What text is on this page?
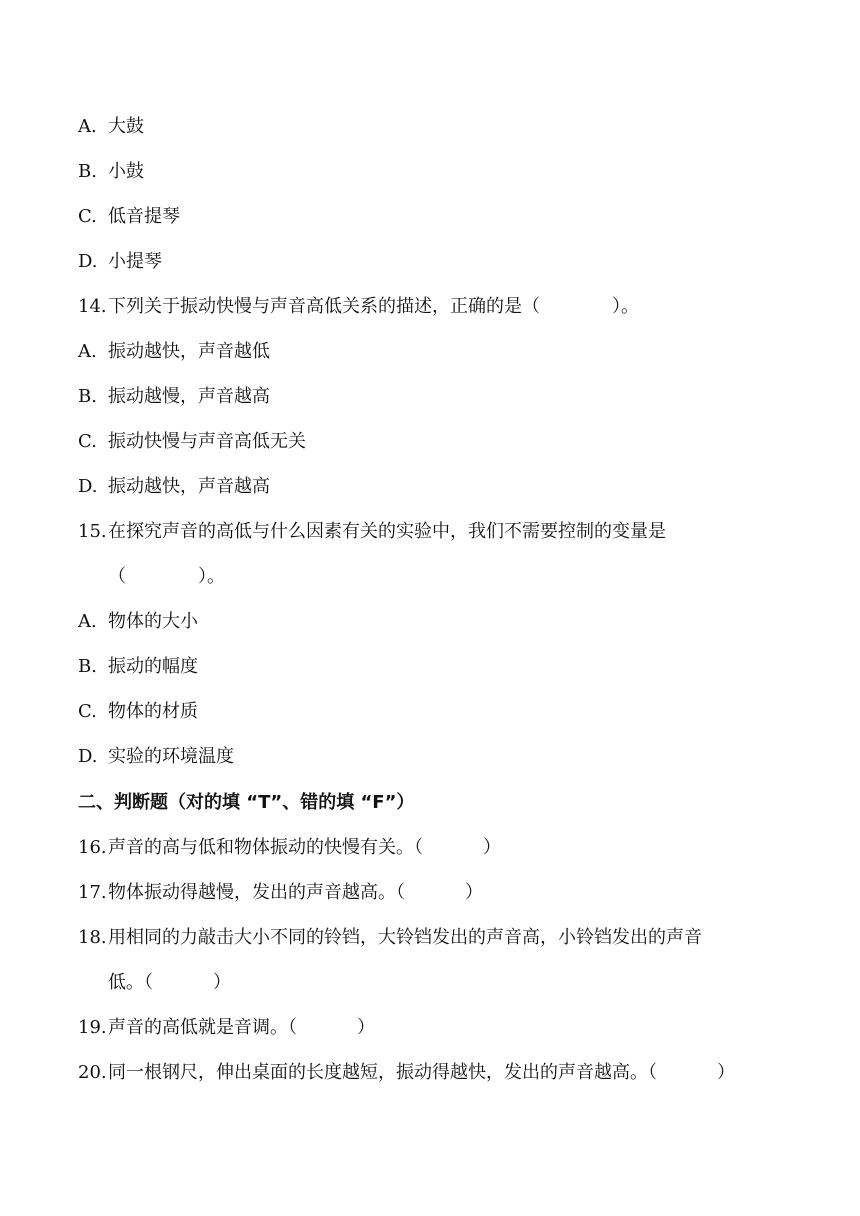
A. 大鼓
B. 小鼓
C. 低音提琴
D. 小提琴
14.下列关于振动快慢与声音高低关系的描述，正确的是（	）。
A. 振动越快，声音越低
B. 振动越慢，声音越高
C. 振动快慢与声音高低无关
D. 振动越快，声音越高
15.在探究声音的高低与什么因素有关的实验中，我们不需要控制的变量是
（	）。
A. 物体的大小
B. 振动的幅度
C. 物体的材质
D. 实验的环境温度
二、判断题（对的填 “T”、错的填 “F”）
16.声音的高与低和物体振动的快慢有关。（	）
17.物体振动得越慢，发出的声音越高。（	）
18.用相同的力敲击大小不同的铃铛，大铃铛发出的声音高，小铃铛发出的声音
低。（	）
19.声音的高低就是音调。（	）
20.同一根钢尺，伸出桌面的长度越短，振动得越快，发出的声音越高。（	）
